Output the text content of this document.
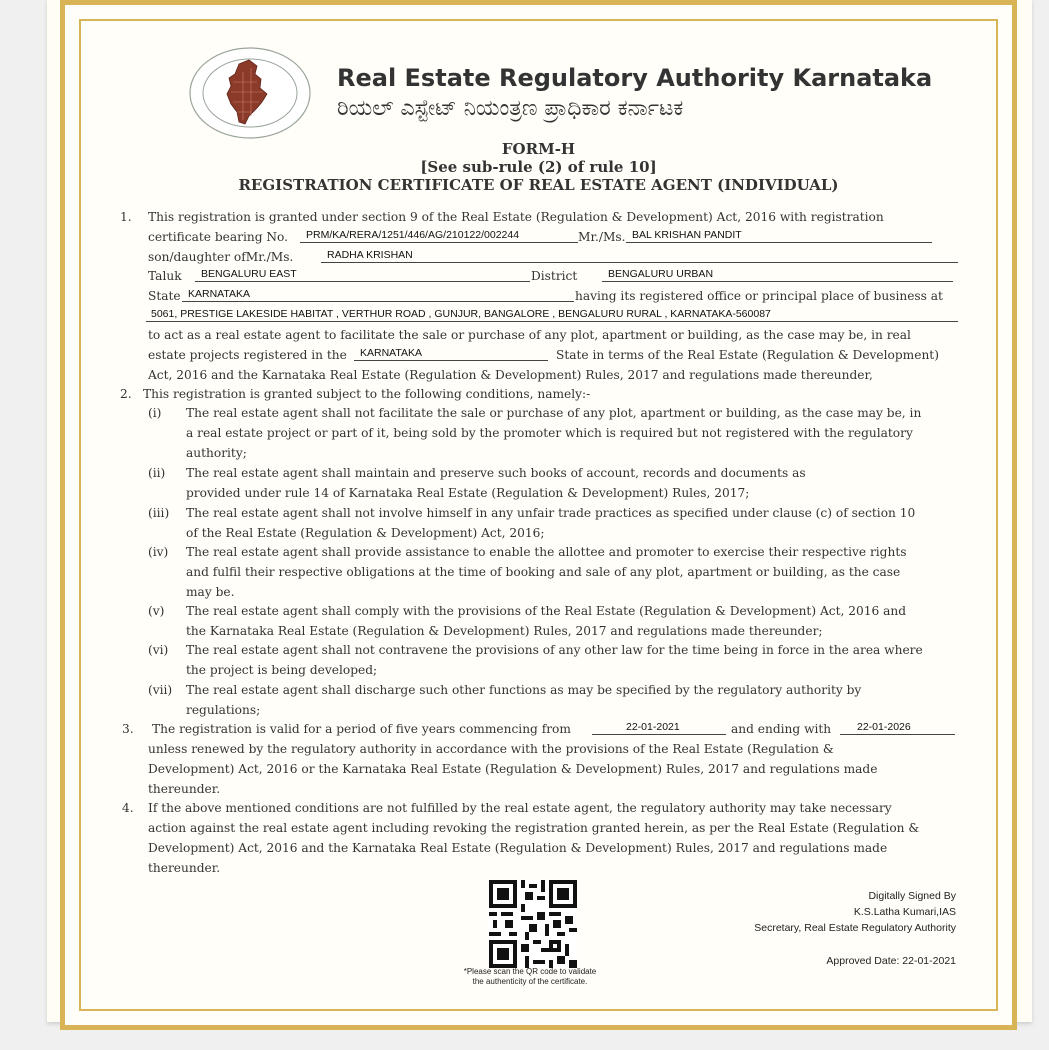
Real Estate Regulatory Authority Karnataka
ರಿಯಲ್ ಎಸ್ಟೇಟ್ ನಿಯಂತ್ರಣ ಪ್ರಾಧಿಕಾರ ಕರ್ನಾಟಕ
FORM-H
[See sub-rule (2) of rule 10]
REGISTRATION CERTIFICATE OF REAL ESTATE AGENT (INDIVIDUAL)
1. This registration is granted under section 9 of the Real Estate (Regulation & Development) Act, 2016 with registration
certificate bearing No.	PRM/KA/RERA/1251/446/AG/210122/002244	Mr./Ms. BAL KRISHAN PANDIT
son/daughter ofMr./Ms.	RADHA KRISHAN
Taluk	BENGALURU EAST	District	BENGALURU URBAN
State KARNATAKA	having its registered office or principal place of business at
5061, PRESTIGE LAKESIDE HABITAT , VERTHUR ROAD , GUNJUR, BANGALORE , BENGALURU RURAL , KARNATAKA-560087
to act as a real estate agent to facilitate the sale or purchase of any plot, apartment or building, as the case may be, in real
estate projects registered in the	KARNATAKA	State in terms of the Real Estate (Regulation & Development)
Act, 2016 and the Karnataka Real Estate (Regulation & Development) Rules, 2017 and regulations made thereunder,
2. This registration is granted subject to the following conditions, namely:-
(i) The real estate agent shall not facilitate the sale or purchase of any plot, apartment or building, as the case may be, in
a real estate project or part of it, being sold by the promoter which is required but not registered with the regulatory
authority;
(ii) The real estate agent shall maintain and preserve such books of account, records and documents as
provided under rule 14 of Karnataka Real Estate (Regulation & Development) Rules, 2017;
(iii) The real estate agent shall not involve himself in any unfair trade practices as specified under clause (c) of section 10
of the Real Estate (Regulation & Development) Act, 2016;
(iv) The real estate agent shall provide assistance to enable the allottee and promoter to exercise their respective rights
and fulfil their respective obligations at the time of booking and sale of any plot, apartment or building, as the case
may be.
(v) The real estate agent shall comply with the provisions of the Real Estate (Regulation & Development) Act, 2016 and
the Karnataka Real Estate (Regulation & Development) Rules, 2017 and regulations made thereunder;
(vi) The real estate agent shall not contravene the provisions of any other law for the time being in force in the area where
the project is being developed;
(vii) The real estate agent shall discharge such other functions as may be specified by the regulatory authority by
regulations;
3. The registration is valid for a period of five years commencing from	22-01-2021	and ending with	22-01-2026
unless renewed by the regulatory authority in accordance with the provisions of the Real Estate (Regulation &
Development) Act, 2016 or the Karnataka Real Estate (Regulation & Development) Rules, 2017 and regulations made
thereunder.
4. If the above mentioned conditions are not fulfilled by the real estate agent, the regulatory authority may take necessary
action against the real estate agent including revoking the registration granted herein, as per the Real Estate (Regulation &
Development) Act, 2016 and the Karnataka Real Estate (Regulation & Development) Rules, 2017 and regulations made
thereunder.
*Please scan the QR code to validate
the authenticity of the certificate.
Digitally Signed By
K.S.Latha Kumari,IAS
Secretary, Real Estate Regulatory Authority
Approved Date: 22-01-2021
